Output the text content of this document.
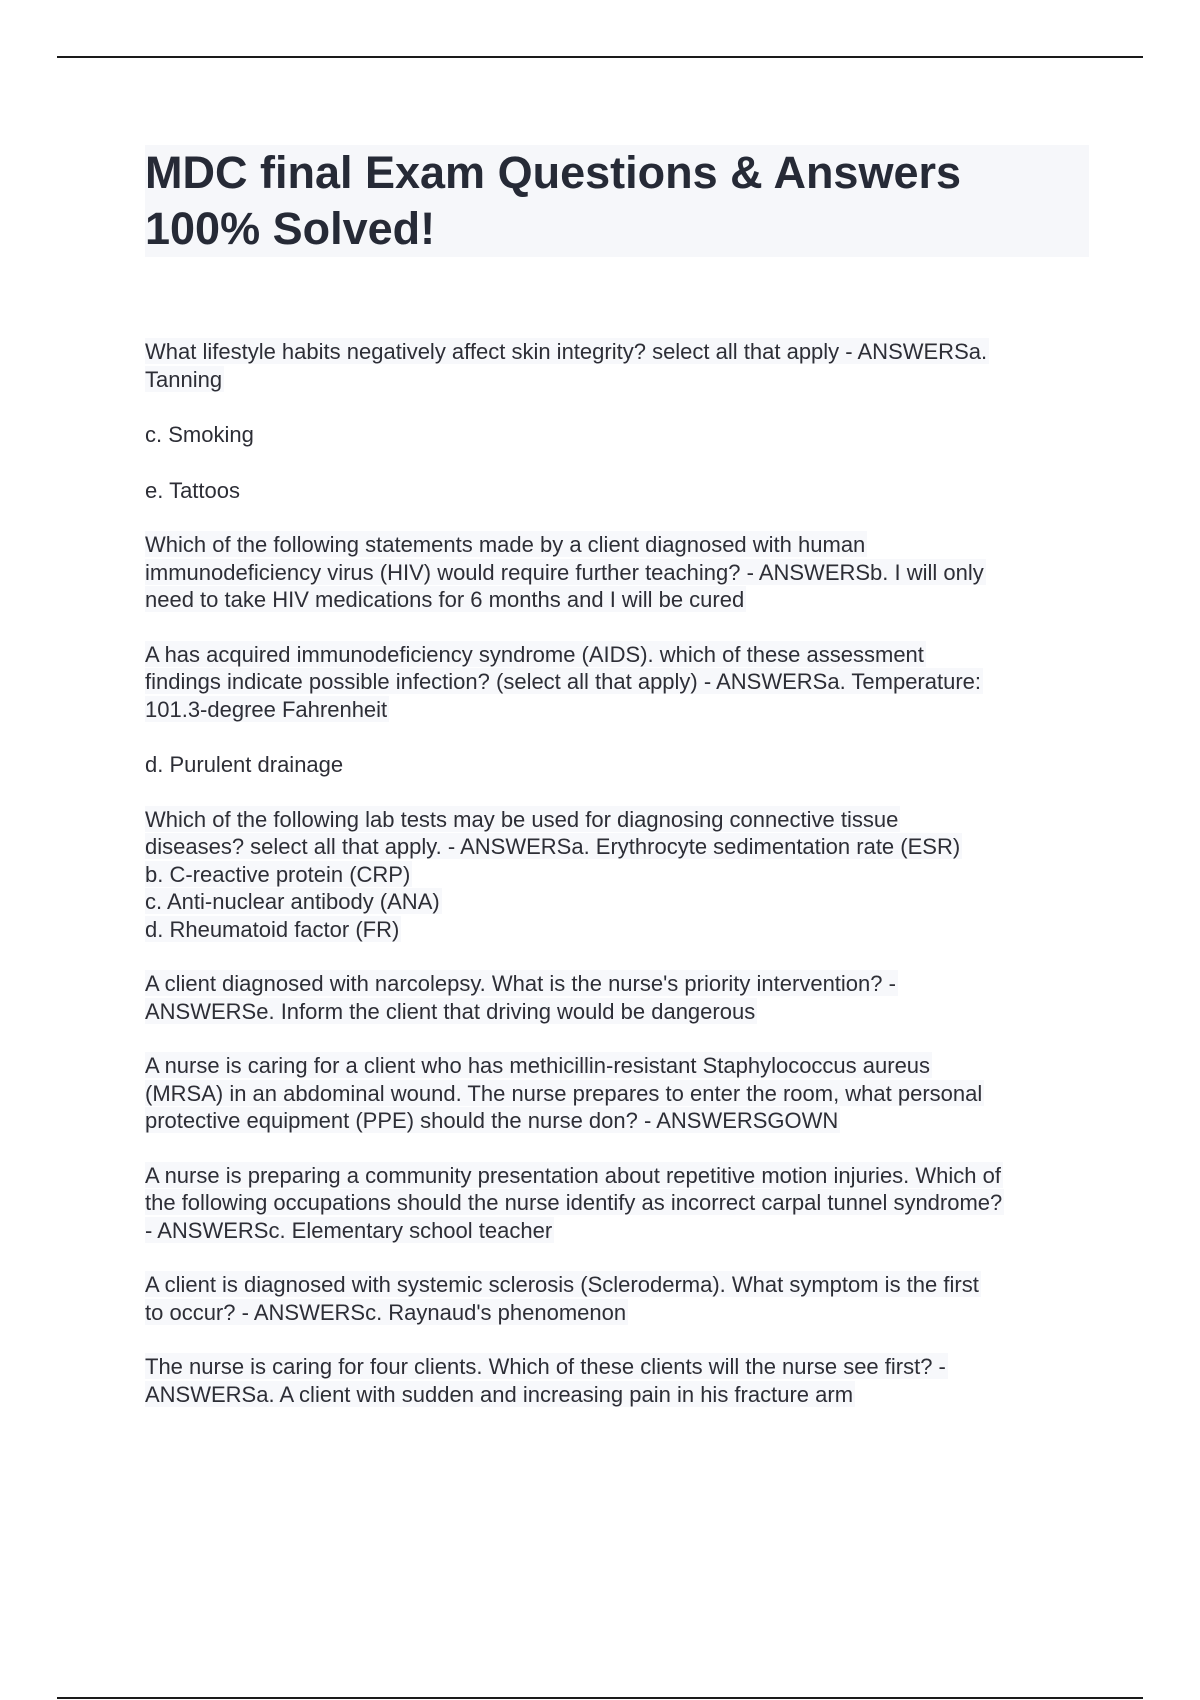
MDC final Exam Questions & Answers
100% Solved!

What lifestyle habits negatively affect skin integrity? select all that apply - ANSWERSa.
Tanning

c. Smoking

e. Tattoos

Which of the following statements made by a client diagnosed with human
immunodeficiency virus (HIV) would require further teaching? - ANSWERSb. I will only
need to take HIV medications for 6 months and I will be cured

A has acquired immunodeficiency syndrome (AIDS). which of these assessment
findings indicate possible infection? (select all that apply) - ANSWERSa. Temperature:
101.3-degree Fahrenheit

d. Purulent drainage

Which of the following lab tests may be used for diagnosing connective tissue
diseases? select all that apply. - ANSWERSa. Erythrocyte sedimentation rate (ESR)
b. C-reactive protein (CRP)
c. Anti-nuclear antibody (ANA)
d. Rheumatoid factor (FR)

A client diagnosed with narcolepsy. What is the nurse's priority intervention? -
ANSWERSe. Inform the client that driving would be dangerous

A nurse is caring for a client who has methicillin-resistant Staphylococcus aureus
(MRSA) in an abdominal wound. The nurse prepares to enter the room, what personal
protective equipment (PPE) should the nurse don? - ANSWERSGOWN

A nurse is preparing a community presentation about repetitive motion injuries. Which of
the following occupations should the nurse identify as incorrect carpal tunnel syndrome?
- ANSWERSc. Elementary school teacher

A client is diagnosed with systemic sclerosis (Scleroderma). What symptom is the first
to occur? - ANSWERSc. Raynaud's phenomenon

The nurse is caring for four clients. Which of these clients will the nurse see first? -
ANSWERSa. A client with sudden and increasing pain in his fracture arm
